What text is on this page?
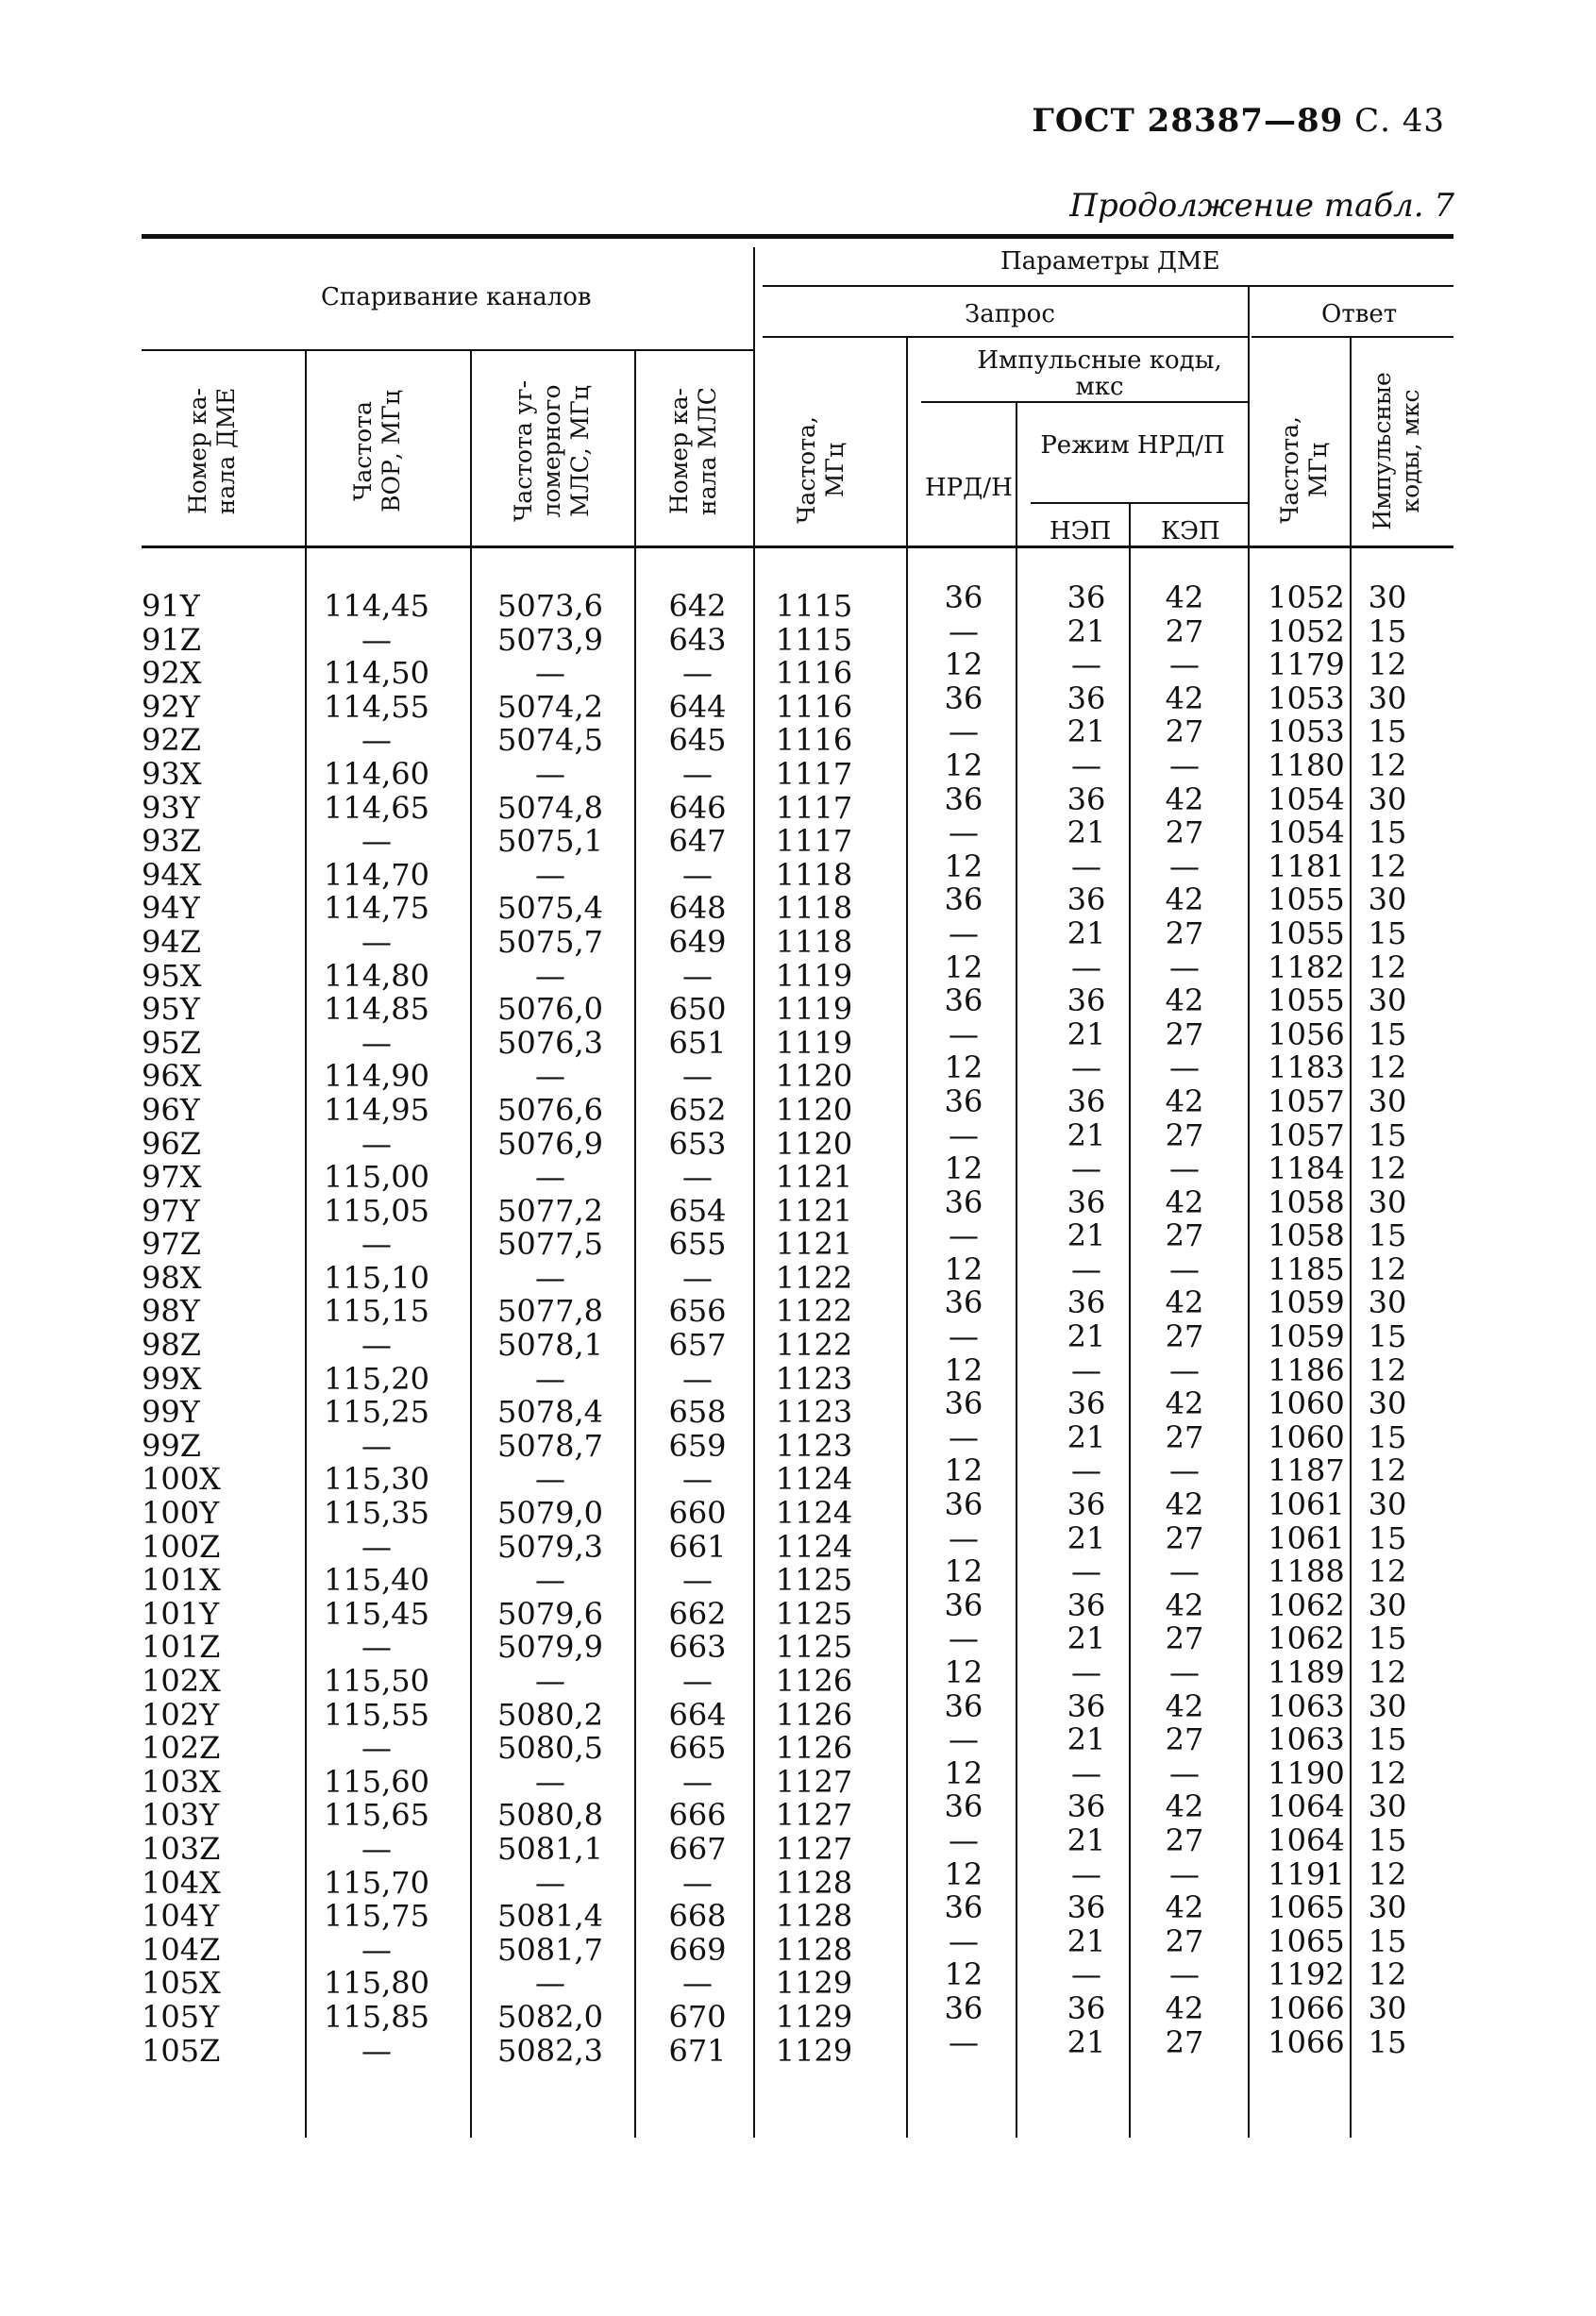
ГОСТ 28387—89 С. 43
Продолжение табл. 7
Спаривание каналов
Параметры ДМЕ
Запрос	Ответ
Импульсные коды, мкс
Режим НРД/П
НРД/Н
НЭП КЭП
Номер ка- нала ДМЕ	Частота ВОР, МГц	Частота уг- ломерного МЛС, МГц	Номер ка- нала МЛС	Частота, МГц	Частота, МГц Импульсные коды, мкс
91Y	114,45	5073,6	642	1115	36	36	42	1052 30
91Z	—	5073,9	643	1115	—	21	27	1052 15
92X	114,50	—	—	1116	12	—	—	1179 12
92Y	114,55	5074,2	644	1116	36	36	42	1053 30
92Z	—	5074,5	645	1116	—	21	27	1053 15
93X	114,60	—	—	1117	12	—	—	1180 12
93Y	114,65	5074,8	646	1117	36	36	42	1054 30
93Z	—	5075,1	647	1117	—	21	27	1054 15
94X	114,70	—	—	1118	12	—	—	1181 12
94Y	114,75	5075,4	648	1118	36	36	42	1055 30
94Z	—	5075,7	649	1118	—	21	27	1055 15
95X	114,80	—	—	1119	12	—	—	1182 12
95Y	114,85	5076,0	650	1119	36	36	42	1055 30
95Z	—	5076,3	651	1119	—	21	27	1056 15
96X	114,90	—	—	1120	12	—	—	1183 12
96Y	114,95	5076,6	652	1120	36	36	42	1057 30
96Z	—	5076,9	653	1120	—	21	27	1057 15
97X	115,00	—	—	1121	12	—	—	1184 12
97Y	115,05	5077,2	654	1121	36	36	42	1058 30
97Z	—	5077,5	655	1121	—	21	27	1058 15
98X	115,10	—	—	1122	12	—	—	1185 12
98Y	115,15	5077,8	656	1122	36	36	42	1059 30
98Z	—	5078,1	657	1122	—	21	27	1059 15
99X	115,20	—	—	1123	12	—	—	1186 12
99Y	115,25	5078,4	658	1123	36	36	42	1060 30
99Z	—	5078,7	659	1123	—	21	27	1060 15
100X	115,30	—	—	1124	12	—	—	1187 12
100Y	115,35	5079,0	660	1124	36	36	42	1061 30
100Z	—	5079,3	661	1124	—	21	27	1061 15
101X	115,40	—	—	1125	12	—	—	1188 12
101Y	115,45	5079,6	662	1125	36	36	42	1062 30
101Z	—	5079,9	663	1125	—	21	27	1062 15
102X	115,50	—	—	1126	12	—	—	1189 12
102Y	115,55	5080,2	664	1126	36	36	42	1063 30
102Z	—	5080,5	665	1126	—	21	27	1063 15
103X	115,60	—	—	1127	12	—	—	1190 12
103Y	115,65	5080,8	666	1127	36	36	42	1064 30
103Z	—	5081,1	667	1127	—	21	27	1064 15
104X	115,70	—	—	1128	12	—	—	1191 12
104Y	115,75	5081,4	668	1128	36	36	42	1065 30
104Z	—	5081,7	669	1128	—	21	27	1065 15
105X	115,80	—	—	1129	12	—	—	1192 12
105Y	115,85	5082,0	670	1129	36	36	42	1066 30
105Z	—	5082,3	671	1129	—	21	27	1066 15
